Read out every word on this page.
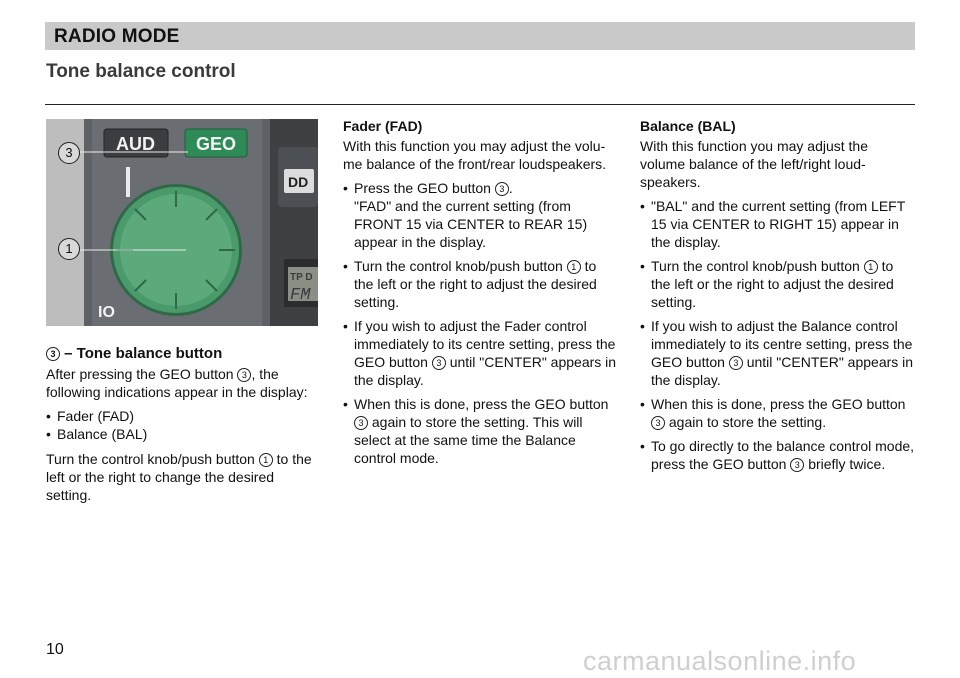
RADIO MODE
Tone balance control
TP D
FM
DD
AUD GEO
IO
3
1

3 – Tone balance button

After pressing the GEO button 3 , the following indications appear in the display:

• Fader (FAD)

• Balance (BAL)

Turn the control knob/push button 1 to the left or the right to change the desired setting.

Fader (FAD)

With this function you may adjust the volu-me balance of the front/rear loudspeakers.

• Press the GEO button 3 .
"FAD" and the current setting (from FRONT 15 via CENTER to REAR 15) appear in the display.

• Turn the control knob/push button 1 to the left or the right to adjust the desired setting.

• If you wish to adjust the Fader control immediately to its centre setting, press the GEO button 3 until "CENTER" appears in the display.

• When this is done, press the GEO button 3 again to store the setting. This will select at the same time the Balance control mode.

Balance (BAL)

With this function you may adjust the volume balance of the left/right loud-speakers.

• "BAL" and the current setting (from LEFT 15 via CENTER to RIGHT 15) appear in the display.

• Turn the control knob/push button 1 to the left or the right to adjust the desired setting.

• If you wish to adjust the Balance control immediately to its centre setting, press the GEO button 3 until "CENTER" appears in the display.

• When this is done, press the GEO button
3 again to store the setting.

• To go directly to the balance control mode, press the GEO button 3 briefly twice.

10	carmanualsonline.info
